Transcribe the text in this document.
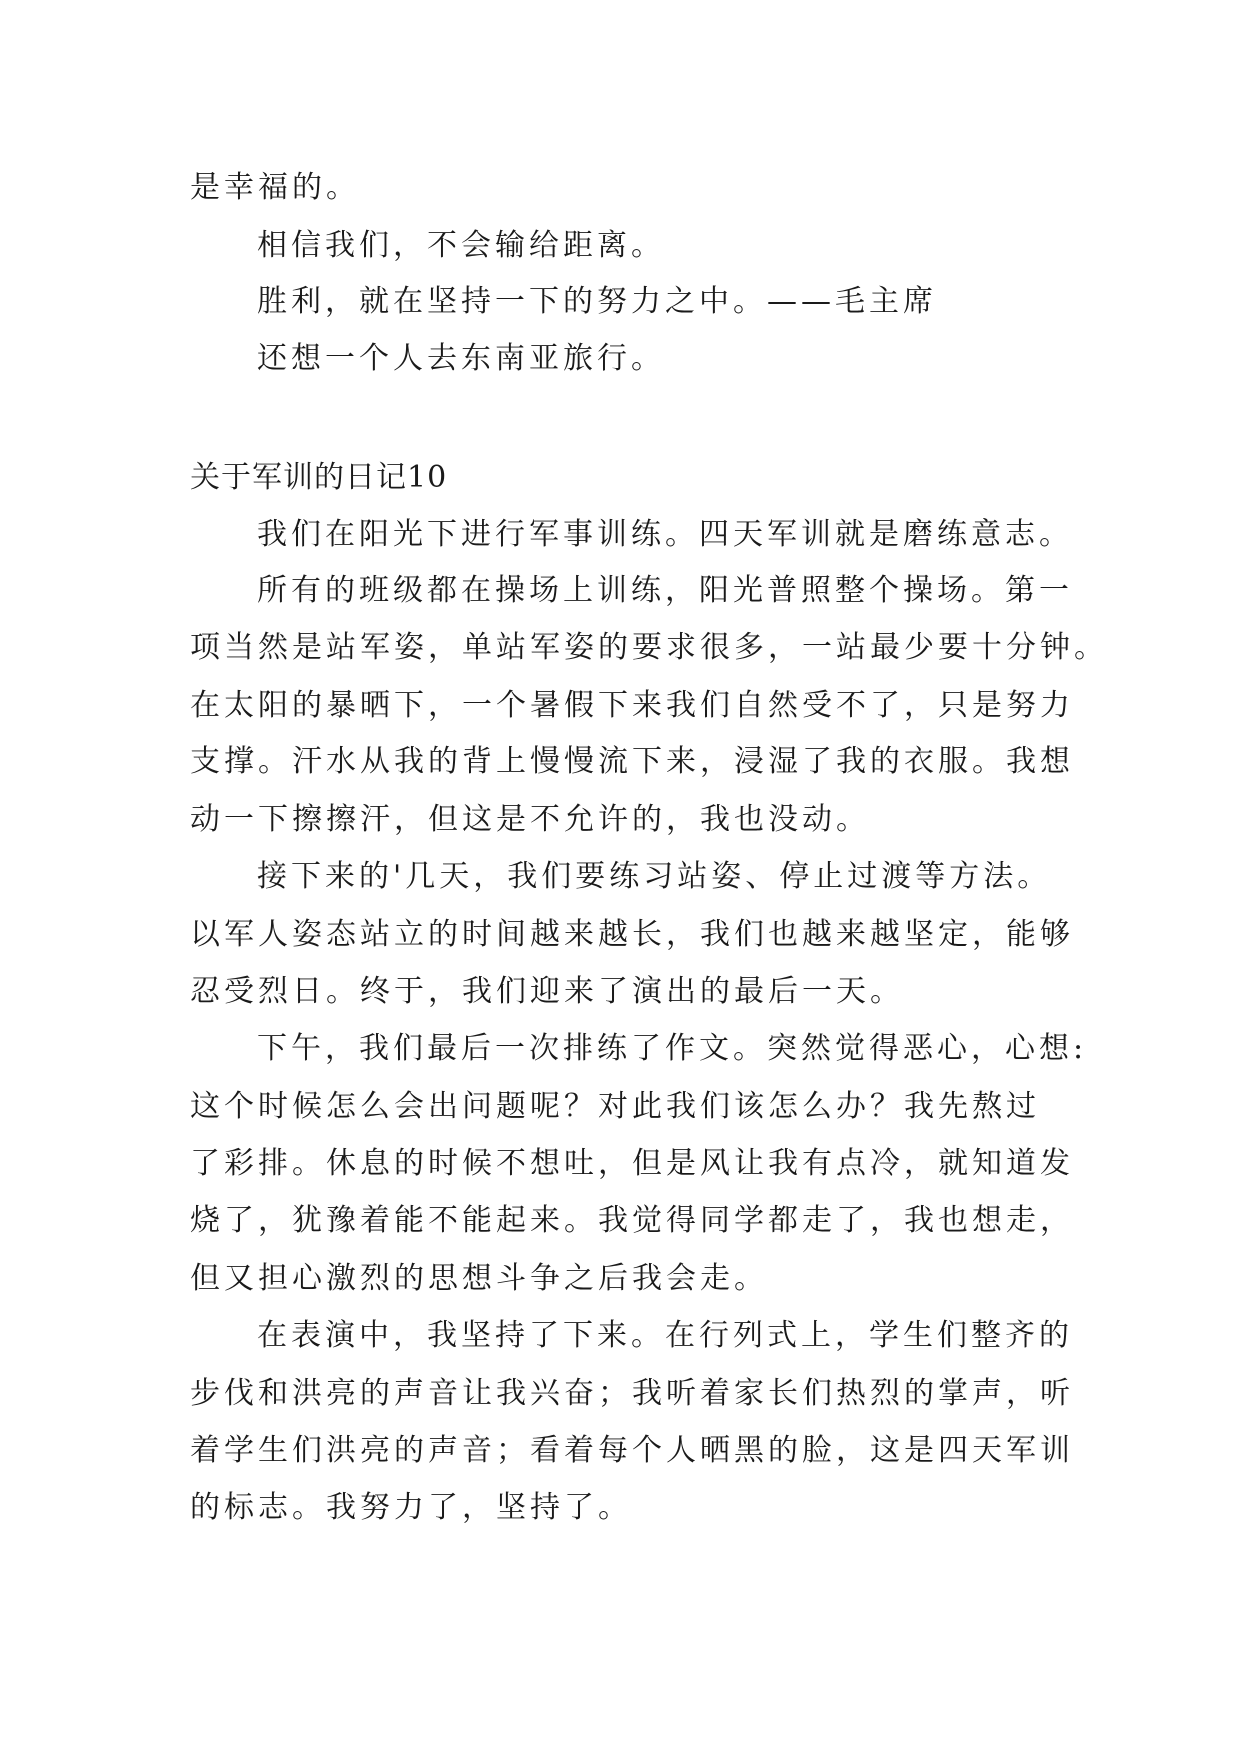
是幸福的。
相信我们，不会输给距离。
胜利，就在坚持一下的努力之中。——毛主席
还想一个人去东南亚旅行。
关于军训的日记10
我们在阳光下进行军事训练。四天军训就是磨练意志。
所有的班级都在操场上训练，阳光普照整个操场。第一
项当然是站军姿，单站军姿的要求很多，一站最少要十分钟。
在太阳的暴晒下，一个暑假下来我们自然受不了，只是努力
支撑。汗水从我的背上慢慢流下来，浸湿了我的衣服。我想
动一下擦擦汗，但这是不允许的，我也没动。
接下来的'几天，我们要练习站姿、停止过渡等方法。
以军人姿态站立的时间越来越长，我们也越来越坚定，能够
忍受烈日。终于，我们迎来了演出的最后一天。
下午，我们最后一次排练了作文。突然觉得恶心，心想:
这个时候怎么会出问题呢？对此我们该怎么办？我先熬过
了彩排。休息的时候不想吐，但是风让我有点冷，就知道发
烧了，犹豫着能不能起来。我觉得同学都走了，我也想走，
但又担心激烈的思想斗争之后我会走。
在表演中，我坚持了下来。在行列式上，学生们整齐的
步伐和洪亮的声音让我兴奋；我听着家长们热烈的掌声，听
着学生们洪亮的声音；看着每个人晒黑的脸，这是四天军训
的标志。我努力了，坚持了。
